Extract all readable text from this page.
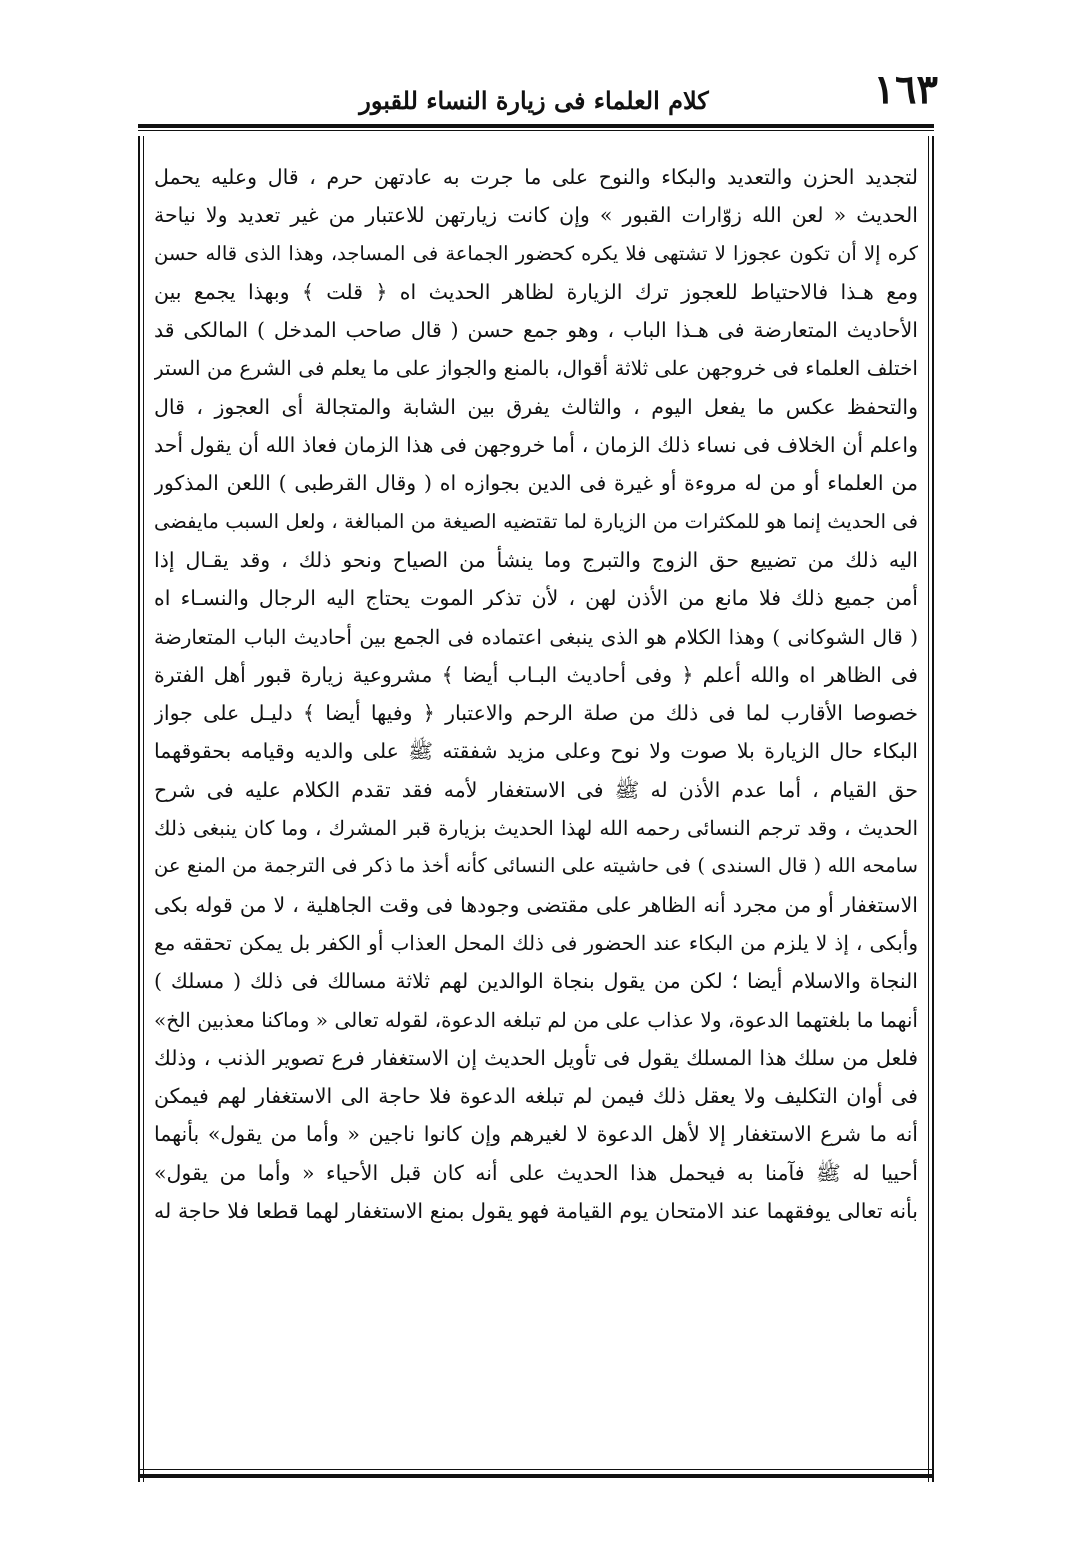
١٦٣
كلام العلماء فى زيارة النساء للقبور
لتجديد الحزن والتعديد والبكاء والنوح على ما جرت به عادتهن حرم ، قال وعليه يحمل
الحديث « لعن الله زوّارات القبور » وإن كانت زيارتهن للاعتبار من غير تعديد ولا نياحة
كره إلا أن تكون عجوزا لا تشتهى فلا يكره كحضور الجماعة فى المساجد، وهذا الذى قاله حسن
ومع هـذا فالاحتياط للعجوز ترك الزيارة لظاهر الحديث اه ﴿ قلت ﴾ وبهذا يجمع بين
الأحاديث المتعارضة فى هـذا الباب ، وهو جمع حسن ( قال صاحب المدخل ) المالكى قد
اختلف العلماء فى خروجهن على ثلاثة أقوال، بالمنع والجواز على ما يعلم فى الشرع من الستر
والتحفظ عكس ما يفعل اليوم ، والثالث يفرق بين الشابة والمتجالة أى العجوز ، قال
واعلم أن الخلاف فى نساء ذلك الزمان ، أما خروجهن فى هذا الزمان فعاذ الله أن يقول أحد
من العلماء أو من له مروءة أو غيرة فى الدين بجوازه اه ( وقال القرطبى ) اللعن المذكور
فى الحديث إنما هو للمكثرات من الزيارة لما تقتضيه الصيغة من المبالغة ، ولعل السبب مايفضى
اليه ذلك من تضييع حق الزوج والتبرج وما ينشأ من الصياح ونحو ذلك ، وقد يقـال إذا
أمن جميع ذلك فلا مانع من الأذن لهن ، لأن تذكر الموت يحتاج اليه الرجال والنسـاء اه
( قال الشوكانى ) وهذا الكلام هو الذى ينبغى اعتماده فى الجمع بين أحاديث الباب المتعارضة
فى الظاهر اه والله أعلم ﴿ وفى أحاديث البـاب أيضا ﴾ مشروعية زيارة قبور أهل الفترة
خصوصا الأقارب لما فى ذلك من صلة الرحم والاعتبار ﴿ وفيها أيضا ﴾ دليـل على جواز
البكاء حال الزيارة بلا صوت ولا نوح وعلى مزيد شفقته ﷺ على والديه وقيامه بحقوقهما
حق القيام ، أما عدم الأذن له ﷺ فى الاستغفار لأمه فقد تقدم الكلام عليه فى شرح
الحديث ، وقد ترجم النسائى رحمه الله لهذا الحديث بزيارة قبر المشرك ، وما كان ينبغى ذلك
سامحه الله ( قال السندى ) فى حاشيته على النسائى كأنه أخذ ما ذكر فى الترجمة من المنع عن
الاستغفار أو من مجرد أنه الظاهر على مقتضى وجودها فى وقت الجاهلية ، لا من قوله بكى
وأبكى ، إذ لا يلزم من البكاء عند الحضور فى ذلك المحل العذاب أو الكفر بل يمكن تحققه مع
النجاة والاسلام أيضا ؛ لكن من يقول بنجاة الوالدين لهم ثلاثة مسالك فى ذلك ( مسلك )
أنهما ما بلغتهما الدعوة، ولا عذاب على من لم تبلغه الدعوة، لقوله تعالى « وماكنا معذبين الخ»
فلعل من سلك هذا المسلك يقول فى تأويل الحديث إن الاستغفار فرع تصوير الذنب ، وذلك
فى أوان التكليف ولا يعقل ذلك فيمن لم تبلغه الدعوة فلا حاجة الى الاستغفار لهم فيمكن
أنه ما شرع الاستغفار إلا لأهل الدعوة لا لغيرهم وإن كانوا ناجين « وأما من يقول» بأنهما
أحييا له ﷺ فآمنا به فيحمل هذا الحديث على أنه كان قبل الأحياء « وأما من يقول»
بأنه تعالى يوفقهما عند الامتحان يوم القيامة فهو يقول بمنع الاستغفار لهما قطعا فلا حاجة له
